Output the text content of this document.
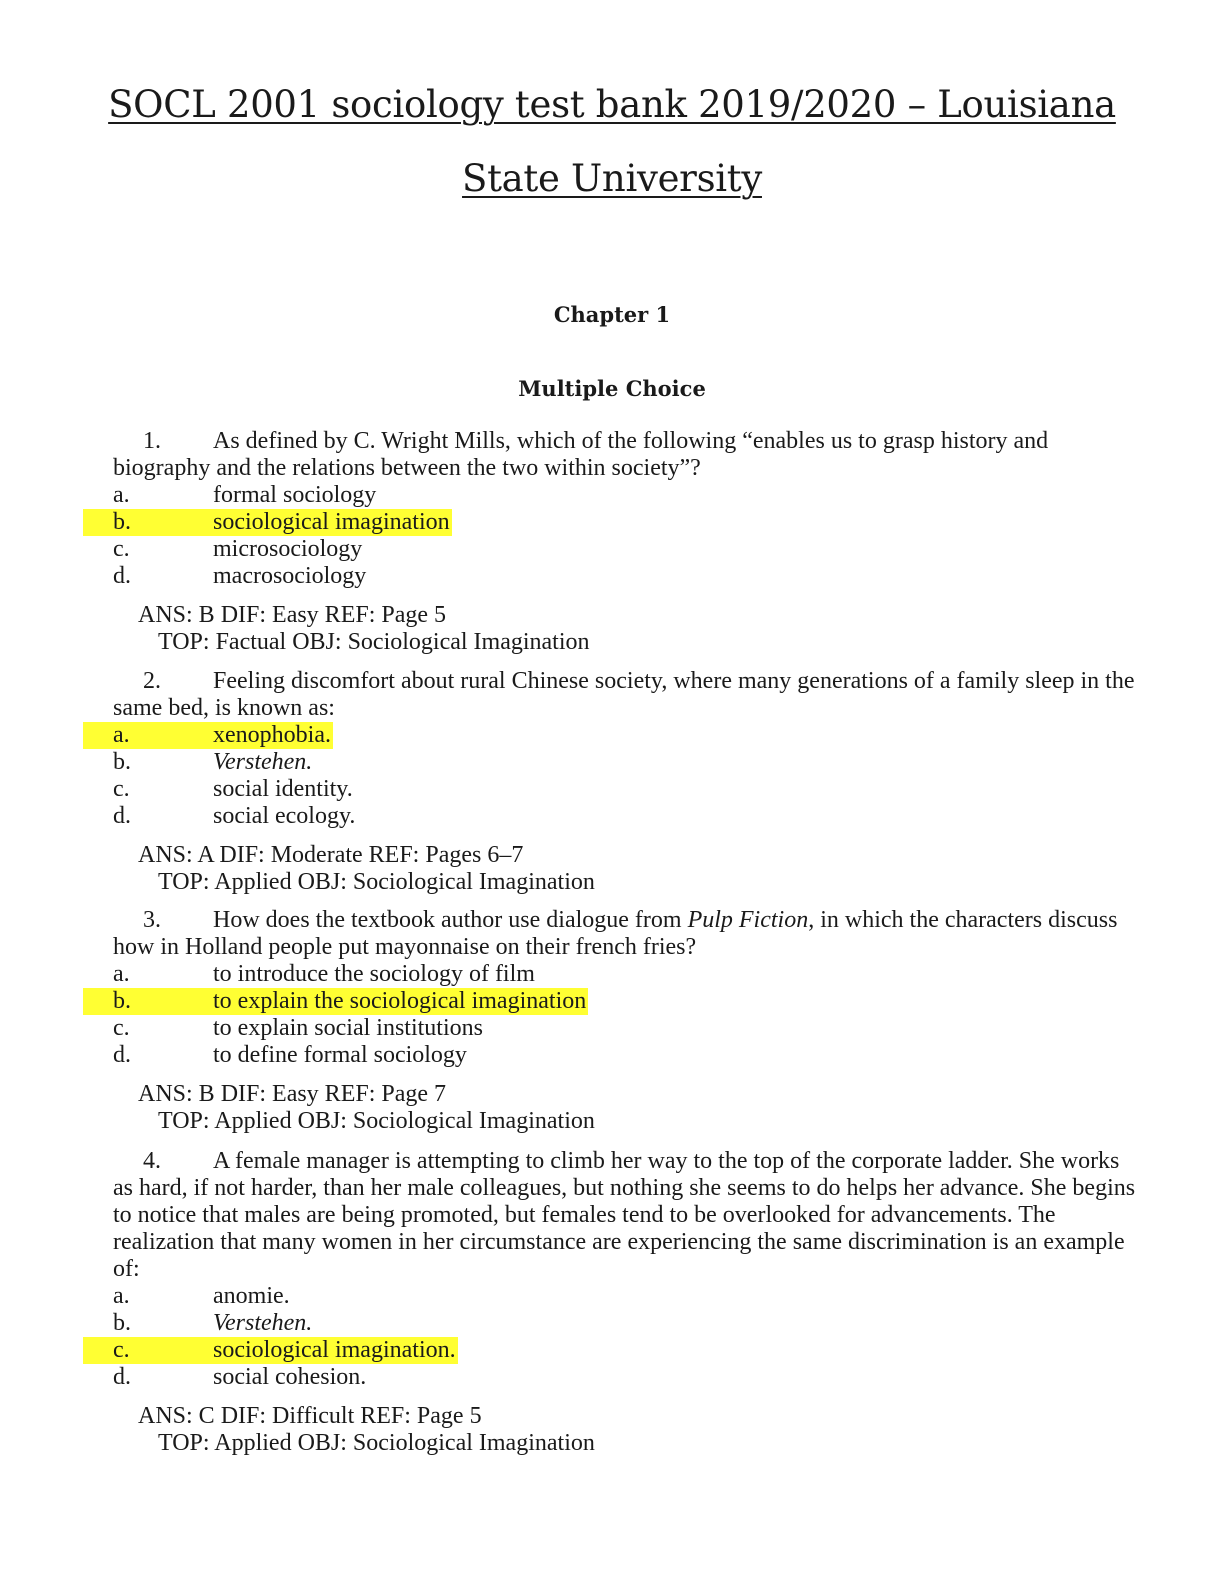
SOCL 2001 sociology test bank 2019/2020 – Louisiana
State University
Chapter 1
Multiple Choice

1. As defined by C. Wright Mills, which of the following “enables us to grasp history and biography and the relations between the two within society”?

a.	formal sociology
b.	sociological imagination
c.	microsociology
d.	macrosociology
ANS: B DIF: Easy REF: Page 5
TOP: Factual OBJ: Sociological Imagination

2. Feeling discomfort about rural Chinese society, where many generations of a family sleep in the same bed, is known as:

a.	xenophobia.
b.	Verstehen.
c.	social identity.
d.	social ecology.
ANS: A DIF: Moderate REF: Pages 6–7
TOP: Applied OBJ: Sociological Imagination

3. How does the textbook author use dialogue from Pulp Fiction, in which the characters discuss how in Holland people put mayonnaise on their french fries?

a.	to introduce the sociology of film
b.	to explain the sociological imagination
c.	to explain social institutions
d.	to define formal sociology
ANS: B DIF: Easy REF: Page 7
TOP: Applied OBJ: Sociological Imagination

4. A female manager is attempting to climb her way to the top of the corporate ladder. She works as hard, if not harder, than her male colleagues, but nothing she seems to do helps her advance. She begins to notice that males are being promoted, but females tend to be overlooked for advancements. The realization that many women in her circumstance are experiencing the same discrimination is an example of:

a.	anomie.
b.	Verstehen.
c.	sociological imagination.
d.	social cohesion.
ANS: C DIF: Difficult REF: Page 5
TOP: Applied OBJ: Sociological Imagination
